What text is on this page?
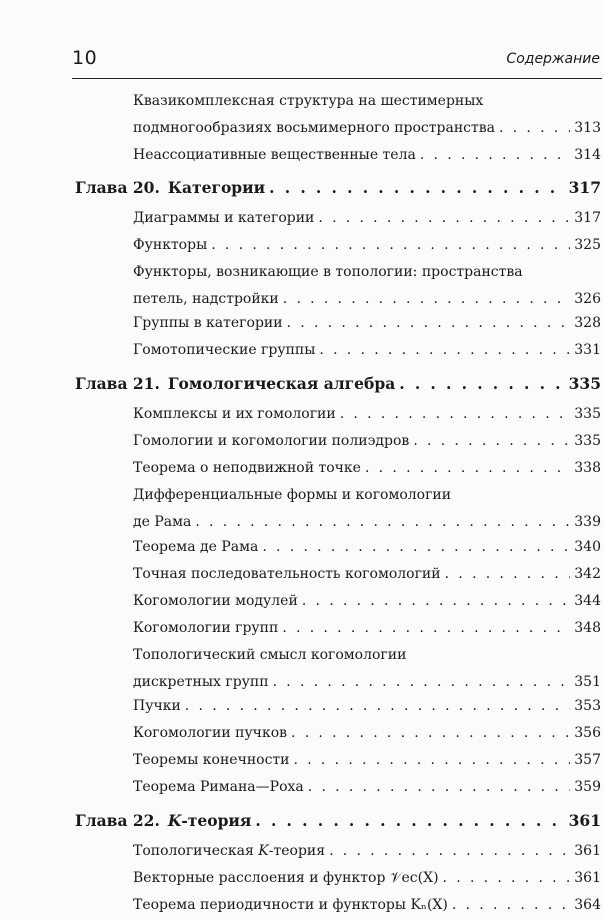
10	Содержание
Квазикомплексная структура на шестимерных
подмногообразиях восьмимерного пространства . . .	313
Неассоциативные вещественные тела . . .	314
Глава 20. Категории . . .	317
Диаграммы и категории . . .	317
Функторы . . .	325
Функторы, возникающие в топологии: пространства
петель, надстройки . . .	326
Группы в категории . . .	328
Гомотопические группы . . .	331
Глава 21. Гомологическая алгебра . . .	335
Комплексы и их гомологии . . .	335
Гомологии и когомологии полиэдров . . .	335
Теорема о неподвижной точке . . .	338
Дифференциальные формы и когомологии
де Рама . . .	339
Теорема де Рама . . .	340
Точная последовательность когомологий . . .	342
Когомологии модулей . . .	344
Когомологии групп . . .	348
Топологический смысл когомологии
дискретных групп . . .	351
Пучки . . .	353
Когомологии пучков . . .	356
Теоремы конечности . . .	357
Теорема Римана—Роха . . .	359
Глава 22. K-теория . . .	361
Топологическая K-теория . . .	361
Векторные расслоения и функтор 𝒱ec(X) . . .	361
Теорема периодичности и функторы Kₙ(X) . . .	364
